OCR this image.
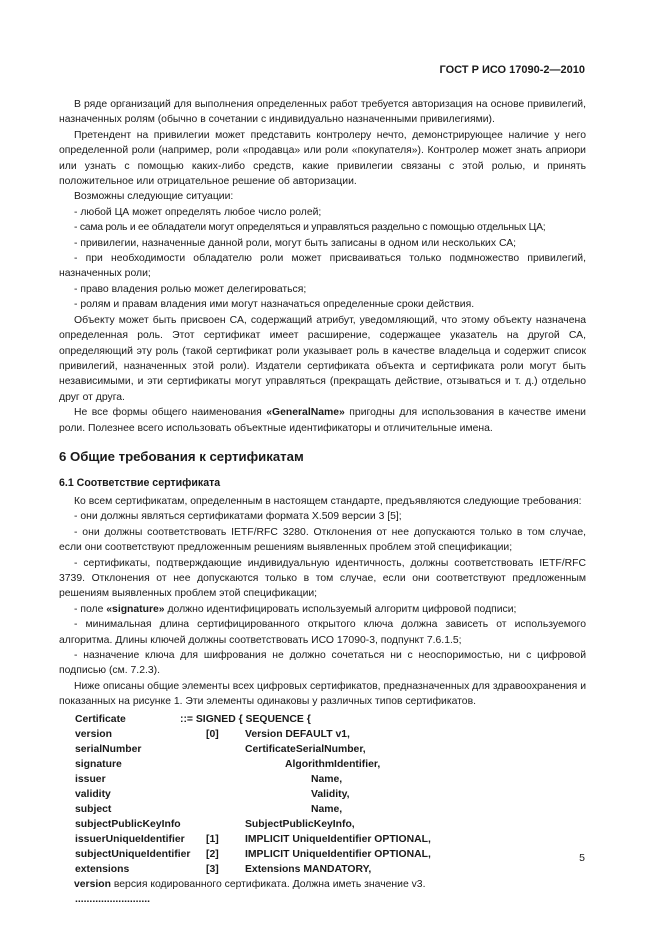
ГОСТ Р ИСО 17090-2—2010

В ряде организаций для выполнения определенных работ требуется авторизация на основе привилегий, назначенных ролям (обычно в сочетании с индивидуально назначенными привилегиями).

Претендент на привилегии может представить контролеру нечто, демонстрирующее наличие у него определенной роли (например, роли «продавца» или роли «покупателя»). Контролер может знать априори или узнать с помощью каких-либо средств, какие привилегии связаны с этой ролью, и принять положительное или отрицательное решение об авторизации.

Возможны следующие ситуации:

- любой ЦА может определять любое число ролей;

- сама роль и ее обладатели могут определяться и управляться раздельно с помощью отдельных ЦА;

- привилегии, назначенные данной роли, могут быть записаны в одном или нескольких СА;

- при необходимости обладателю роли может присваиваться только подмножество привилегий, назначенных роли;

- право владения ролью может делегироваться;

- ролям и правам владения ими могут назначаться определенные сроки действия.

Объекту может быть присвоен СА, содержащий атрибут, уведомляющий, что этому объекту назначена определенная роль. Этот сертификат имеет расширение, содержащее указатель на другой СА, определяющий эту роль (такой сертификат роли указывает роль в качестве владельца и содержит список привилегий, назначенных этой роли). Издатели сертификата объекта и сертификата роли могут быть независимыми, и эти сертификаты могут управляться (прекращать действие, отзываться и т. д.) отдельно друг от друга.

Не все формы общего наименования «GeneralName» пригодны для использования в качестве имени роли. Полезнее всего использовать объектные идентификаторы и отличительные имена.

6 Общие требования к сертификатам
6.1 Соответствие сертификата

Ко всем сертификатам, определенным в настоящем стандарте, предъявляются следующие требования:

- они должны являться сертификатами формата X.509 версии 3 [5];

- они должны соответствовать IETF/RFC 3280. Отклонения от нее допускаются только в том случае, если они соответствуют предложенным решениям выявленных проблем этой спецификации;

- сертификаты, подтверждающие индивидуальную идентичность, должны соответствовать IETF/RFC 3739. Отклонения от нее допускаются только в том случае, если они соответствуют предложенным решениям выявленных проблем этой спецификации;

- поле «signature» должно идентифицировать используемый алгоритм цифровой подписи;

- минимальная длина сертифицированного открытого ключа должна зависеть от используемого алгоритма. Длины ключей должны соответствовать ИСО 17090-3, подпункт 7.6.1.5;

- назначение ключа для шифрования не должно сочетаться ни с неоспоримостью, ни с цифровой подписью (см. 7.2.3).

Ниже описаны общие элементы всех цифровых сертификатов, предназначенных для здравоохранения и показанных на рисунке 1. Эти элементы одинаковы у различных типов сертификатов.

Certificate	::= SIGNED { SEQUENCE {
version	[0]	Version DEFAULT v1,
serialNumber	CertificateSerialNumber,
signature	AlgorithmIdentifier,
issuer	Name,
validity	Validity,
subject	Name,
subjectPublicKeyInfo	SubjectPublicKeyInfo,
issuerUniqueIdentifier [1]	IMPLICIT UniqueIdentifier OPTIONAL,
subjectUniqueIdentifier [2]	IMPLICIT UniqueIdentifier OPTIONAL,
extensions	[3]	Extensions MANDATORY,

version версия кодированного сертификата. Должна иметь значение v3.

..........................
5
